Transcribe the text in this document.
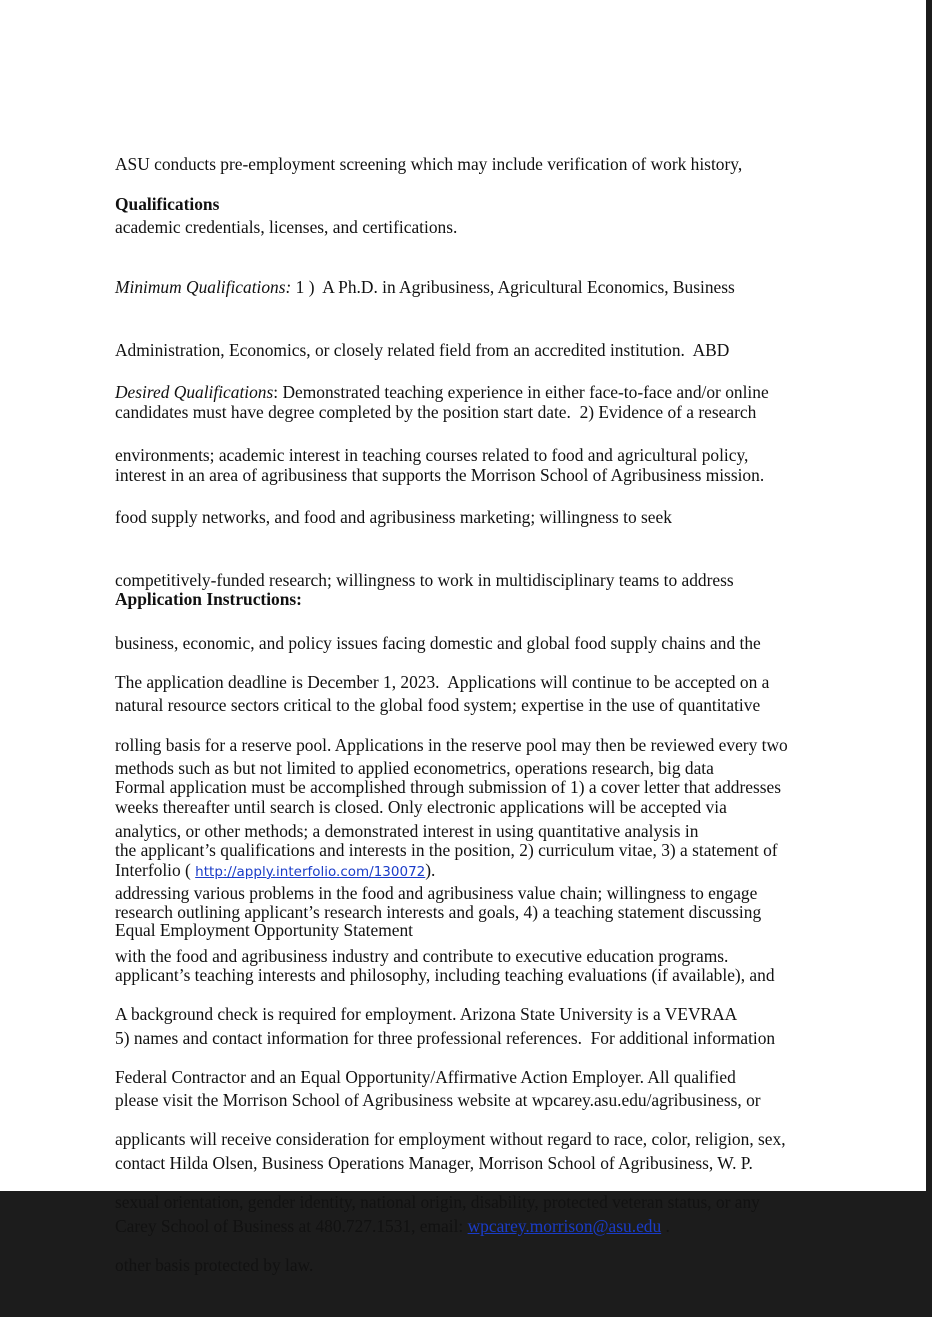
ASU conducts pre-employment screening which may include verification of work history,

academic credentials, licenses, and certifications.

Qualifications

Minimum Qualifications: 1 )  A Ph.D. in Agribusiness, Agricultural Economics, Business

Administration, Economics, or closely related field from an accredited institution.  ABD

candidates must have degree completed by the position start date.  2) Evidence of a research

interest in an area of agribusiness that supports the Morrison School of Agribusiness mission.

Desired Qualifications: Demonstrated teaching experience in either face-to-face and/or online

environments; academic interest in teaching courses related to food and agricultural policy,

food supply networks, and food and agribusiness marketing; willingness to seek

competitively-funded research; willingness to work in multidisciplinary teams to address

business, economic, and policy issues facing domestic and global food supply chains and the

natural resource sectors critical to the global food system; expertise in the use of quantitative

methods such as but not limited to applied econometrics, operations research, big data

analytics, or other methods; a demonstrated interest in using quantitative analysis in

addressing various problems in the food and agribusiness value chain; willingness to engage

with the food and agribusiness industry and contribute to executive education programs.

Application Instructions:

The application deadline is December 1, 2023.  Applications will continue to be accepted on a

rolling basis for a reserve pool. Applications in the reserve pool may then be reviewed every two

weeks thereafter until search is closed. Only electronic applications will be accepted via

Interfolio ( http://apply.interfolio.com/130072).

Formal application must be accomplished through submission of 1) a cover letter that addresses

the applicant’s qualifications and interests in the position, 2) curriculum vitae, 3) a statement of

research outlining applicant’s research interests and goals, 4) a teaching statement discussing

applicant’s teaching interests and philosophy, including teaching evaluations (if available), and

5) names and contact information for three professional references.  For additional information

please visit the Morrison School of Agribusiness website at wpcarey.asu.edu/agribusiness, or

contact Hilda Olsen, Business Operations Manager, Morrison School of Agribusiness, W. P.

Carey School of Business at 480.727.1531, email: wpcarey.morrison@asu.edu .

Equal Employment Opportunity Statement

A background check is required for employment. Arizona State University is a VEVRAA

Federal Contractor and an Equal Opportunity/Affirmative Action Employer. All qualified

applicants will receive consideration for employment without regard to race, color, religion, sex,

sexual orientation, gender identity, national origin, disability, protected veteran status, or any

other basis protected by law.
